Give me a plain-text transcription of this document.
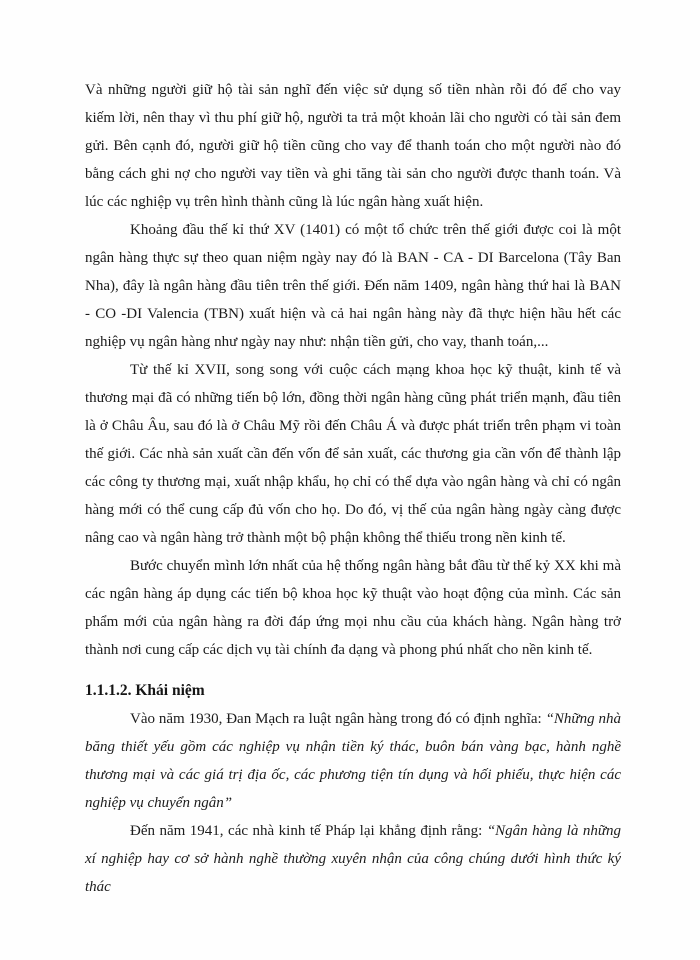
Và những người giữ hộ tài sản nghĩ đến việc sử dụng số tiền nhàn rỗi đó để cho vay kiếm lời, nên thay vì thu phí giữ hộ, người ta trả một khoản lãi cho người có tài sản đem gửi. Bên cạnh đó, người giữ hộ tiền cũng cho vay để thanh toán cho một người nào đó bằng cách ghi nợ cho người vay tiền và ghi tăng tài sản cho người được thanh toán. Và lúc các nghiệp vụ trên hình thành cũng là lúc ngân hàng xuất hiện.

Khoảng đầu thế kỉ thứ XV (1401) có một tổ chức trên thế giới được coi là một ngân hàng thực sự theo quan niệm ngày nay đó là BAN - CA - DI Barcelona (Tây Ban Nha), đây là ngân hàng đầu tiên trên thế giới. Đến năm 1409, ngân hàng thứ hai là BAN - CO -DI Valencia (TBN) xuất hiện và cả hai ngân hàng này đã thực hiện hầu hết các nghiệp vụ ngân hàng như ngày nay như: nhận tiền gửi, cho vay, thanh toán,...

Từ thế kỉ XVII, song song với cuộc cách mạng khoa học kỹ thuật, kinh tế và thương mại đã có những tiến bộ lớn, đồng thời ngân hàng cũng phát triển mạnh, đầu tiên là ở Châu Âu, sau đó là ở Châu Mỹ rồi đến Châu Á và được phát triển trên phạm vi toàn thế giới. Các nhà sản xuất cần đến vốn để sản xuất, các thương gia cần vốn để thành lập các công ty thương mại, xuất nhập khẩu, họ chỉ có thể dựa vào ngân hàng và chỉ có ngân hàng mới có thể cung cấp đủ vốn cho họ. Do đó, vị thế của ngân hàng ngày càng được nâng cao và ngân hàng trở thành một bộ phận không thể thiếu trong nền kinh tế.

Bước chuyển mình lớn nhất của hệ thống ngân hàng bắt đầu từ thế kỷ XX khi mà các ngân hàng áp dụng các tiến bộ khoa học kỹ thuật vào hoạt động của mình. Các sản phẩm mới của ngân hàng ra đời đáp ứng mọi nhu cầu của khách hàng. Ngân hàng trở thành nơi cung cấp các dịch vụ tài chính đa dạng và phong phú nhất cho nền kinh tế.

1.1.1.2. Khái niệm

Vào năm 1930, Đan Mạch ra luật ngân hàng trong đó có định nghĩa: “Những nhà băng thiết yếu gồm các nghiệp vụ nhận tiền ký thác, buôn bán vàng bạc, hành nghề thương mại và các giá trị địa ốc, các phương tiện tín dụng và hối phiếu, thực hiện các nghiệp vụ chuyển ngân”

Đến năm 1941, các nhà kinh tế Pháp lại khẳng định rằng: “Ngân hàng là những xí nghiệp hay cơ sở hành nghề thường xuyên nhận của công chúng dưới hình thức ký thác
